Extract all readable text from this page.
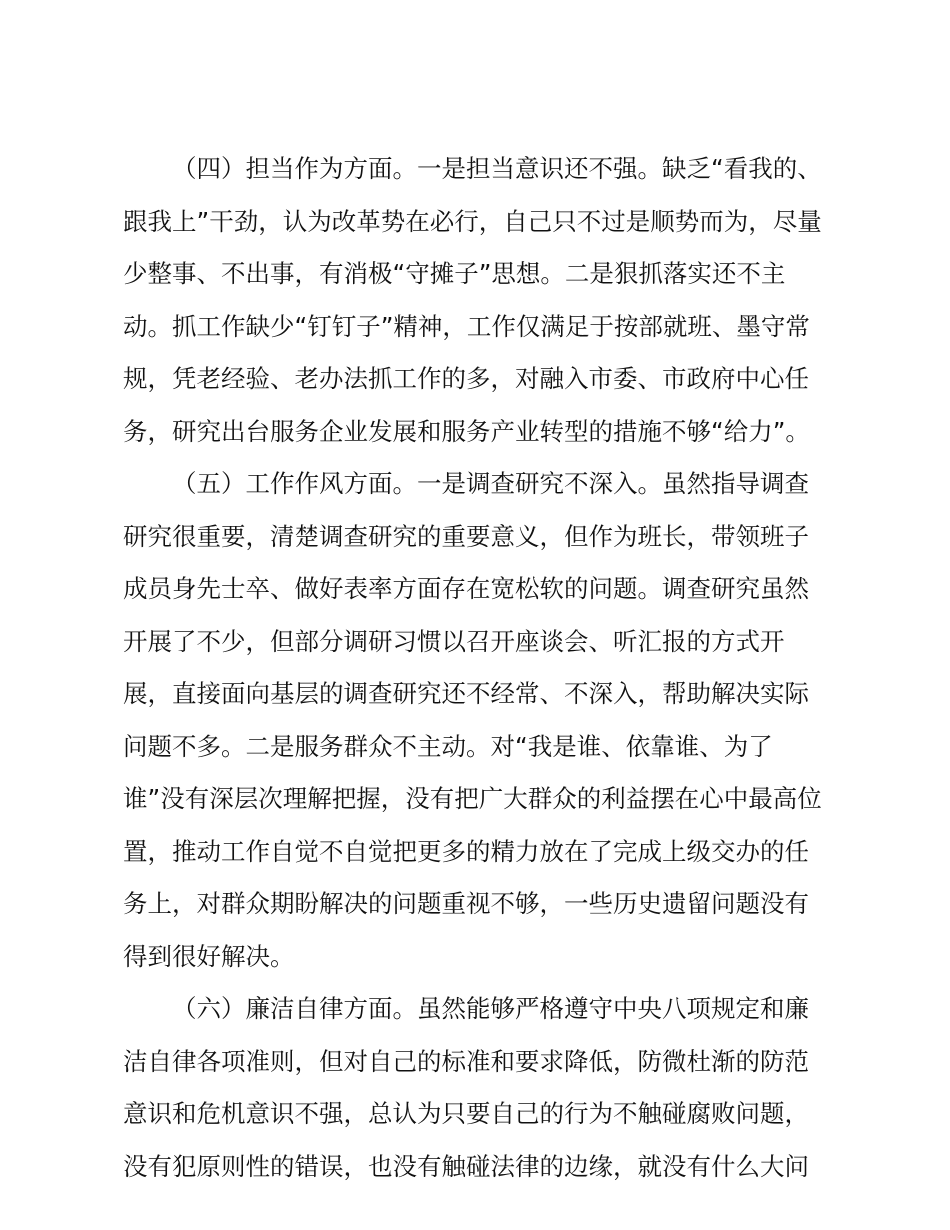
（四）担当作为方面。一是担当意识还不强。缺乏“看我的、
跟我上”干劲，认为改革势在必行，自己只不过是顺势而为，尽量
少整事、不出事，有消极“守摊子”思想。二是狠抓落实还不主
动。抓工作缺少“钉钉子”精神，工作仅满足于按部就班、墨守常
规，凭老经验、老办法抓工作的多，对融入市委、市政府中心任
务，研究出台服务企业发展和服务产业转型的措施不够“给力”。
（五）工作作风方面。一是调查研究不深入。虽然指导调查
研究很重要，清楚调查研究的重要意义，但作为班长，带领班子
成员身先士卒、做好表率方面存在宽松软的问题。调查研究虽然
开展了不少，但部分调研习惯以召开座谈会、听汇报的方式开
展，直接面向基层的调查研究还不经常、不深入，帮助解决实际
问题不多。二是服务群众不主动。对“我是谁、依靠谁、为了
谁”没有深层次理解把握，没有把广大群众的利益摆在心中最高位
置，推动工作自觉不自觉把更多的精力放在了完成上级交办的任
务上，对群众期盼解决的问题重视不够，一些历史遗留问题没有
得到很好解决。
（六）廉洁自律方面。虽然能够严格遵守中央八项规定和廉
洁自律各项准则，但对自己的标准和要求降低，防微杜渐的防范
意识和危机意识不强，总认为只要自己的行为不触碰腐败问题，
没有犯原则性的错误，也没有触碰法律的边缘，就没有什么大问
